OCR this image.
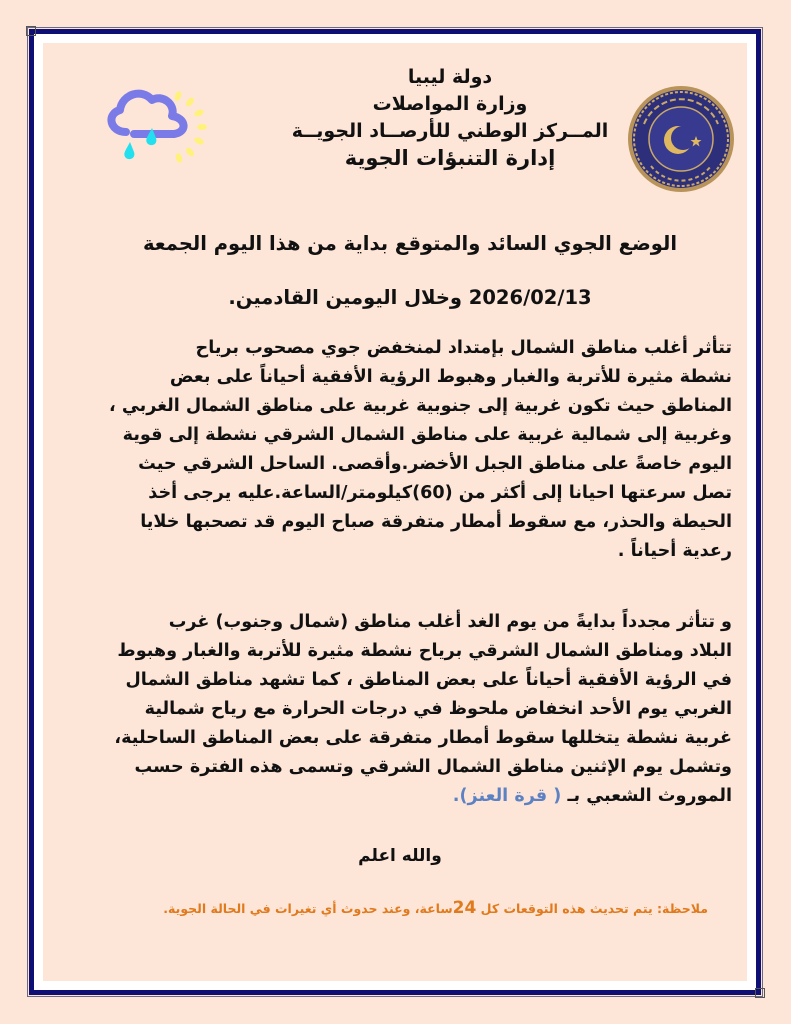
دولة ليبيا
وزارة المواصلات
المــركز الوطني للأرصــاد الجويــة
إدارة التنبؤات الجوية
الوضع الجوي السائد والمتوقع بداية من هذا اليوم الجمعة
2026/02/13 وخلال اليومين القادمين.
تتأثر أغلب مناطق الشمال بإمتداد لمنخفض جوي مصحوب برياح
نشطة مثيرة للأتربة والغبار وهبوط الرؤية الأفقية أحياناً على بعض
المناطق حيث تكون غربية إلى جنوبية غربية على مناطق الشمال الغربي ،
وغربية إلى شمالية غربية على مناطق الشمال الشرقي نشطة إلى قوية
اليوم خاصةً على مناطق الجبل الأخضر.وأقصى. الساحل الشرقي حيث
تصل سرعتها احيانا إلى أكثر من (60)كيلومتر/الساعة.عليه يرجى أخذ
الحيطة والحذر، مع سقوط أمطار متفرقة صباح اليوم قد تصحبها خلايا
رعدية أحياناً .
و تتأثر مجدداً بدايةً من يوم الغد أغلب مناطق (شمال وجنوب) غرب
البلاد ومناطق الشمال الشرقي برياح نشطة مثيرة للأتربة والغبار وهبوط
في الرؤية الأفقية أحياناً على بعض المناطق ، كما تشهد مناطق الشمال
الغربي يوم الأحد انخفاض ملحوظ في درجات الحرارة مع رياح شمالية
غربية نشطة يتخللها سقوط أمطار متفرقة على بعض المناطق الساحلية،
وتشمل يوم الإثنين مناطق الشمال الشرقي وتسمى هذه الفترة حسب
الموروث الشعبي بـ ( قرة العنز).
والله اعلم
ملاحظة: يتم تحديث هذه التوقعات كل 24ساعة، وعند حدوث أي تغيرات في الحالة الجوية.
